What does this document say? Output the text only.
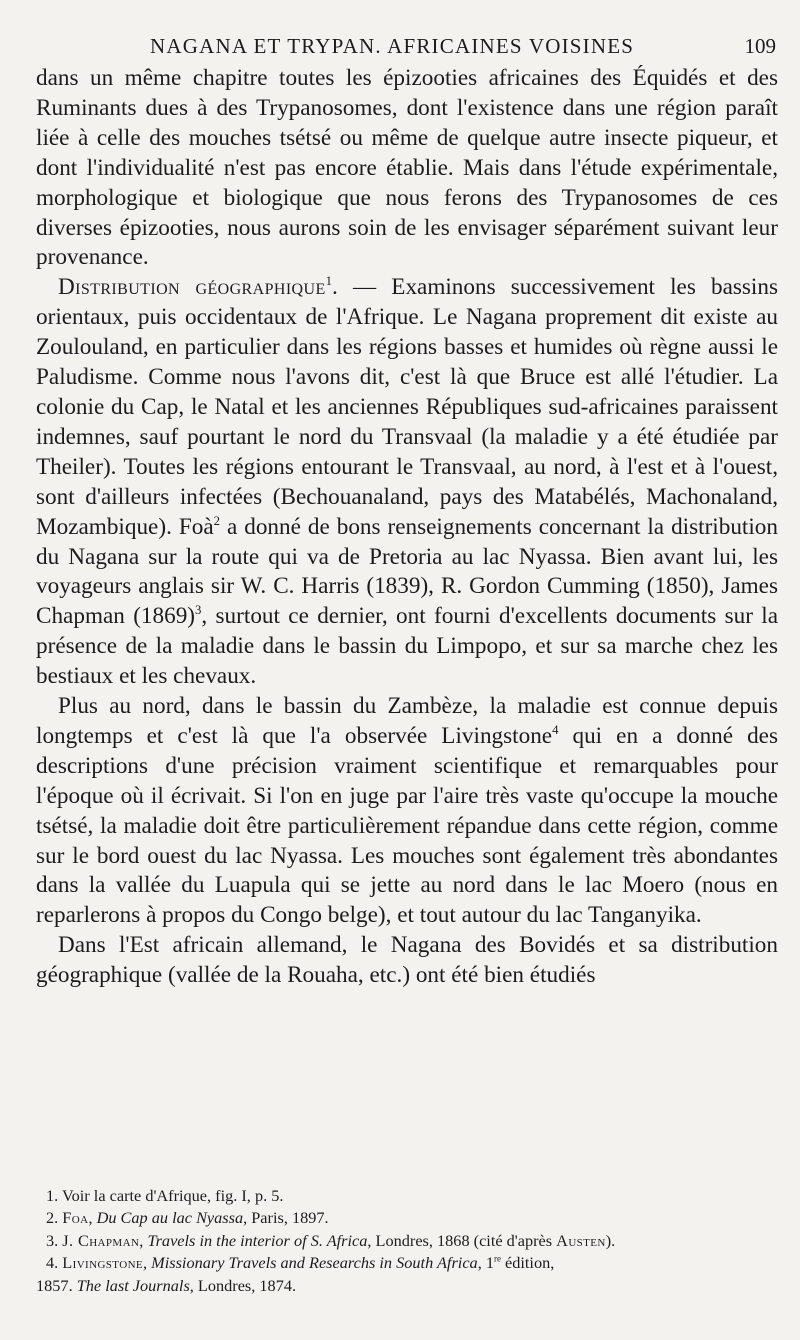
NAGANA ET TRYPAN. AFRICAINES VOISINES	109

dans un même chapitre toutes les épizooties africaines des Équidés et des Ruminants dues à des Trypanosomes, dont l'existence dans une région paraît liée à celle des mouches tsétsé ou même de quelque autre insecte piqueur, et dont l'individualité n'est pas encore établie. Mais dans l'étude expérimentale, morphologique et biologique que nous ferons des Trypanosomes de ces diverses épizooties, nous aurons soin de les envisager séparément suivant leur provenance.

Distribution géographique$^1$. — Examinons successivement les bassins orientaux, puis occidentaux de l'Afrique. Le Nagana proprement dit existe au Zoulouland, en particulier dans les régions basses et humides où règne aussi le Paludisme. Comme nous l'avons dit, c'est là que Bruce est allé l'étudier. La colonie du Cap, le Natal et les anciennes Républiques sud-africaines paraissent indemnes, sauf pourtant le nord du Transvaal (la maladie y a été étudiée par Theiler). Toutes les régions entourant le Transvaal, au nord, à l'est et à l'ouest, sont d'ailleurs infectées (Bechouanaland, pays des Matabélés, Machonaland, Mozambique). Foà$^2$ a donné de bons renseignements concernant la distribution du Nagana sur la route qui va de Pretoria au lac Nyassa. Bien avant lui, les voyageurs anglais sir W. C. Harris (1839), R. Gordon Cumming (1850), James Chapman $(1869)^3$, surtout ce dernier, ont fourni d'excellents documents sur la présence de la maladie dans le bassin du Limpopo, et sur sa marche chez les bestiaux et les chevaux.

Plus au nord, dans le bassin du Zambèze, la maladie est connue depuis longtemps et c'est là que l'a observée Livingstone$^4$ qui en a donné des descriptions d'une précision vraiment scientifique et remarquables pour l'époque où il écrivait. Si l'on en juge par l'aire très vaste qu'occupe la mouche tsétsé, la maladie doit être particulièrement répandue dans cette région, comme sur le bord ouest du lac Nyassa. Les mouches sont également très abondantes dans la vallée du Luapula qui se jette au nord dans le lac Moero (nous en reparlerons à propos du Congo belge), et tout autour du lac Tanganyika.

Dans l'Est africain allemand, le Nagana des Bovidés et sa distribution géographique (vallée de la Rouaha, etc.) ont été bien étudiés

1. Voir la carte d'Afrique, fig. I, p. 5.

2. Foa, Du Cap au lac Nyassa, Paris, 1897.

3. J. Chapman, Travels in the interior of S. Africa, Londres, 1868 (cité d'après Austen).

4. Livingstone, Missionary Travels and Researchs in South Africa, 1re édition,

1857. The last Journals, Londres, 1874.
